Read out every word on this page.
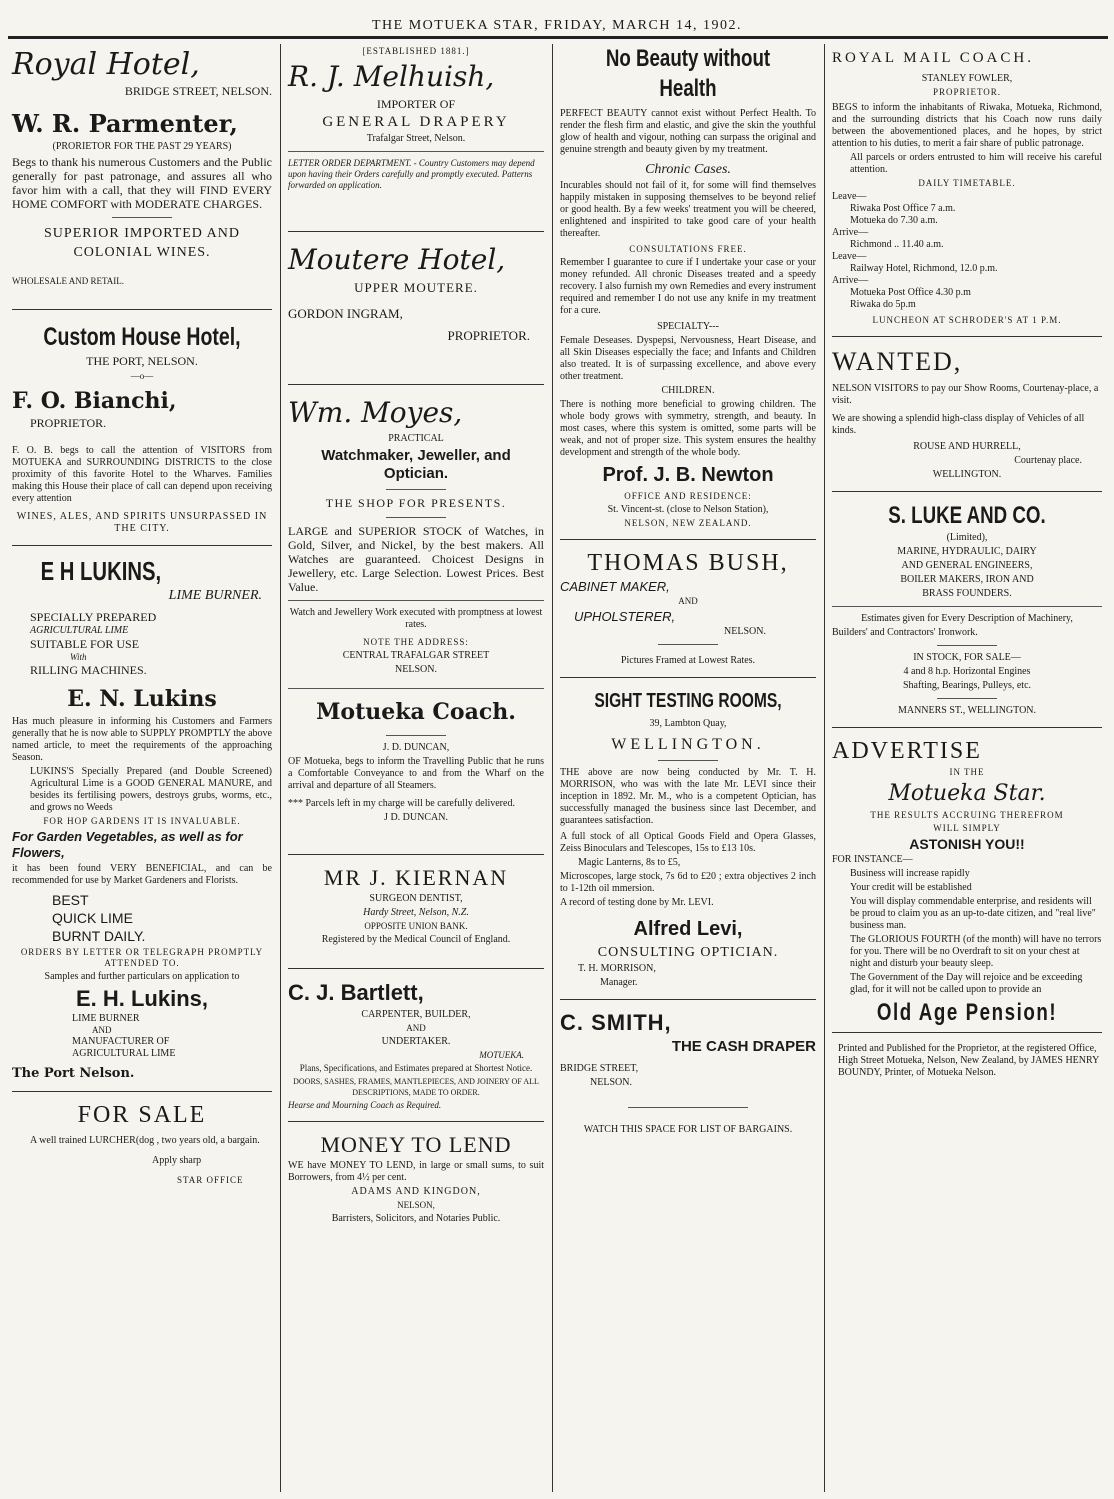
THE MOTUEKA STAR, FRIDAY, MARCH 14, 1902.
Royal Hotel,

BRIDGE STREET, NELSON.

W. R. Parmenter,

(PRORIETOR FOR THE PAST 29 YEARS)

Begs to thank his numerous Customers and the Public generally for past patronage, and assures all who favor him with a call, that they will FIND EVERY HOME COMFORT with MODERATE CHARGES.

SUPERIOR IMPORTED AND COLONIAL WINES.

WHOLESALE AND RETAIL.

Custom House Hotel,

THE PORT, NELSON.

—o—

F. O. Bianchi,

PROPRIETOR.

F. O. B. begs to call the attention of VISITORS from MOTUEKA and SURROUNDING DISTRICTS to the close proximity of this favorite Hotel to the Wharves. Families making this House their place of call can depend upon receiving every attention

WINES, ALES, AND SPIRITS UNSURPASSED IN THE CITY.

E H LUKINS,

LIME BURNER.

SPECIALLY PREPARED
AGRICULTURAL LIME
SUITABLE FOR USE
With
RILLING MACHINES.
E. N. Lukins

Has much pleasure in informing his Customers and Farmers generally that he is now able to SUPPLY PROMPTLY the above named article, to meet the requirements of the approaching Season.

LUKINS'S Specially Prepared (and Double Screened) Agricultural Lime is a GOOD GENERAL MANURE, and besides its fertilising powers, destroys grubs, worms, etc., and grows no Weeds

FOR HOP GARDENS IT IS INVALUABLE.

For Garden Vegetables, as well as for Flowers,

it has been found VERY BENEFICIAL, and can be recommended for use by Market Gardeners and Florists.

BEST
QUICK LIME
BURNT DAILY.

ORDERS BY LETTER OR TELEGRAPH PROMPTLY ATTENDED TO.

Samples and further particulars on application to

E. H. Lukins,
LIME BURNER
AND
MANUFACTURER OF
AGRICULTURAL LIME

The Port Nelson.

FOR SALE

A well trained LURCHER(dog , two years old, a bargain.

Apply sharp

STAR OFFICE

[ESTABLISHED 1881.]

R. J. Melhuish,

IMPORTER OF

GENERAL DRAPERY

Trafalgar Street, Nelson.

LETTER ORDER DEPARTMENT. - Country Customers may depend upon having their Orders carefully and promptly executed. Patterns forwarded on application.

Moutere Hotel,

UPPER MOUTERE.

GORDON INGRAM,

PROPRIETOR.

Wm. Moyes,

PRACTICAL

Watchmaker, Jeweller, and Optician.

THE SHOP FOR PRESENTS.

LARGE and SUPERIOR STOCK of Watches, in Gold, Silver, and Nickel, by the best makers. All Watches are guaranteed. Choicest Designs in Jewellery, etc. Large Selection. Lowest Prices. Best Value.

Watch and Jewellery Work executed with promptness at lowest rates.

NOTE THE ADDRESS:

CENTRAL TRAFALGAR STREET

NELSON.

Motueka Coach.

J. D. DUNCAN,

OF Motueka, begs to inform the Travelling Public that he runs a Comfortable Conveyance to and from the Wharf on the arrival and departure of all Steamers.

*** Parcels left in my charge will be carefully delivered.

J D. DUNCAN.

MR J. KIERNAN

SURGEON DENTIST,

Hardy Street, Nelson, N.Z.

OPPOSITE UNION BANK.

Registered by the Medical Council of England.

C. J. Bartlett,

CARPENTER, BUILDER,

AND

UNDERTAKER.

MOTUEKA.

Plans, Specifications, and Estimates prepared at Shortest Notice.

DOORS, SASHES, FRAMES, MANTLEPIECES, AND JOINERY OF ALL DESCRIPTIONS, MADE TO ORDER.

Hearse and Mourning Coach as Required.

MONEY TO LEND

WE have MONEY TO LEND, in large or small sums, to suit Borrowers, from 4½ per cent.

ADAMS AND KINGDON,

NELSON,

Barristers, Solicitors, and Notaries Public.

No Beauty without Health

PERFECT BEAUTY cannot exist without Perfect Health. To render the flesh firm and elastic, and give the skin the youthful glow of health and vigour, nothing can surpass the original and genuine strength and beauty given by my treatment.

Chronic Cases.

Incurables should not fail of it, for some will find themselves happily mistaken in supposing themselves to be beyond relief or good health. By a few weeks' treatment you will be cheered, enlightened and inspirited to take good care of your health thereafter.

CONSULTATIONS FREE.

Remember I guarantee to cure if I undertake your case or your money refunded. All chronic Diseases treated and a speedy recovery. I also furnish my own Remedies and every instrument required and remember I do not use any knife in my treatment for a cure.

SPECIALTY---

Female Deseases. Dyspepsi, Nervousness, Heart Disease, and all Skin Diseases especially the face; and Infants and Children also treated. It is of surpassing excellence, and above every other treatment.

CHILDREN.

There is nothing more beneficial to growing children. The whole body grows with symmetry, strength, and beauty. In most cases, where this system is omitted, some parts will be weak, and not of proper size. This system ensures the healthy development and strength of the whole body.

Prof. J. B. Newton

OFFICE AND RESIDENCE:

St. Vincent-st. (close to Nelson Station),

NELSON, NEW ZEALAND.

THOMAS BUSH,

CABINET MAKER,

AND

UPHOLSTERER,

NELSON.

Pictures Framed at Lowest Rates.

SIGHT TESTING ROOMS,

39, Lambton Quay,

WELLINGTON.

THE above are now being conducted by Mr. T. H. MORRISON, who was with the late Mr. LEVI since their inception in 1892. Mr. M., who is a competent Optician, has successfully managed the business since last December, and guarantees satisfaction.

A full stock of all Optical Goods Field and Opera Glasses, Zeiss Binoculars and Telescopes, 15s to £13 10s.

Magic Lanterns, 8s to £5,

Microscopes, large stock, 7s 6d to £20 ; extra objectives 2 inch to 1-12th oil mmersion.

A record of testing done by Mr. LEVI.

Alfred Levi,

CONSULTING OPTICIAN.

T. H. MORRISON,

Manager.

C. SMITH,

THE CASH DRAPER

BRIDGE STREET,

NELSON.

WATCH THIS SPACE FOR LIST OF BARGAINS.

ROYAL MAIL COACH.

STANLEY FOWLER,

PROPRIETOR.

BEGS to inform the inhabitants of Riwaka, Motueka, Richmond, and the surrounding districts that his Coach now runs daily between the abovementioned places, and he hopes, by strict attention to his duties, to merit a fair share of public patronage.

All parcels or orders entrusted to him will receive his careful attention.

DAILY TIMETABLE.

Leave—
Riwaka Post Office 7 a.m.
Motueka do 7.30 a.m.
Arrive—
Richmond .. 11.40 a.m.
Leave—
Railway Hotel, Richmond, 12.0 p.m.
Arrive—
Motueka Post Office 4.30 p.m
Riwaka do 5p.m

LUNCHEON AT SCHRODER'S AT 1 P.M.

WANTED,

NELSON VISITORS to pay our Show Rooms, Courtenay-place, a visit.

We are showing a splendid high-class display of Vehicles of all kinds.

ROUSE AND HURRELL,

Courtenay place.

WELLINGTON.

S. LUKE AND CO.

(Limited),

MARINE, HYDRAULIC, DAIRY

AND GENERAL ENGINEERS,

BOILER MAKERS, IRON AND

BRASS FOUNDERS.

Estimates given for Every Description of Machinery,

Builders' and Contractors' Ironwork.

IN STOCK, FOR SALE—

4 and 8 h.p. Horizontal Engines

Shafting, Bearings, Pulleys, etc.

MANNERS ST., WELLINGTON.

ADVERTISE

IN THE

Motueka Star.

THE RESULTS ACCRUING THEREFROM

WILL SIMPLY

ASTONISH YOU!!

FOR INSTANCE—

Business will increase rapidly

Your credit will be established

You will display commendable enterprise, and residents will be proud to claim you as an up-to-date citizen, and "real live" business man.

The GLORIOUS FOURTH (of the month) will have no terrors for you. There will be no Overdraft to sit on your chest at night and disturb your beauty sleep.

The Government of the Day will rejoice and be exceeding glad, for it will not be called upon to provide an

Old Age Pension!

Printed and Published for the Proprietor, at the registered Office, High Street Motueka, Nelson, New Zealand, by JAMES HENRY BOUNDY, Printer, of Motueka Nelson.
